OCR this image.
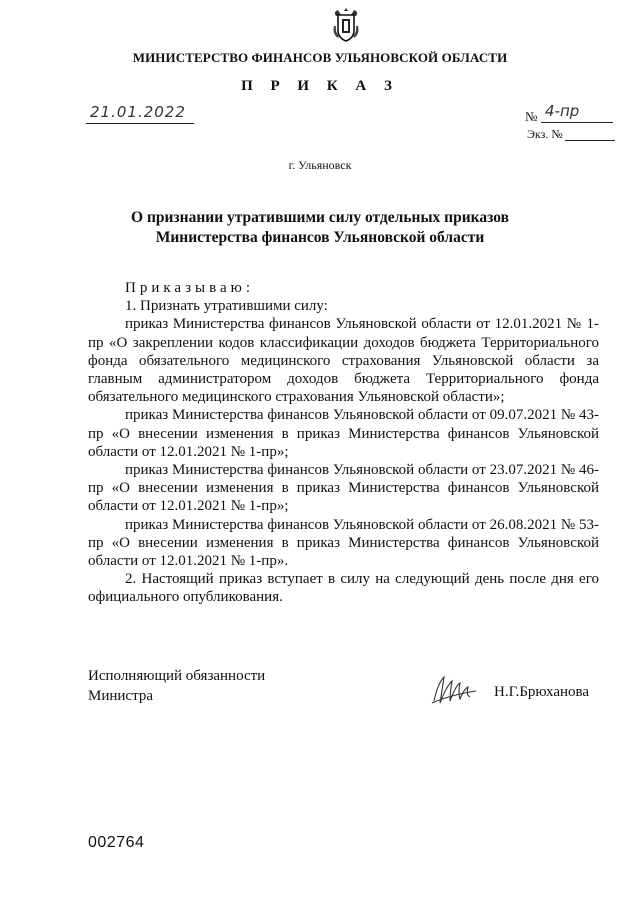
МИНИСТЕРСТВО ФИНАНСОВ УЛЬЯНОВСКОЙ ОБЛАСТИ
П Р И К А З
21.01.2022	№ 4-пр
Экз. №
г. Ульяновск
О признании утратившими силу отдельных приказов Министерства финансов Ульяновской области

Приказываю:

1. Признать утратившими силу:

приказ Министерства финансов Ульяновской области от 12.01.2021 № 1-пр «О закреплении кодов классификации доходов бюджета Территориального фонда обязательного медицинского страхования Ульяновской области за главным администратором доходов бюджета Территориального фонда обязательного медицинского страхования Ульяновской области»;

приказ Министерства финансов Ульяновской области от 09.07.2021 № 43-пр «О внесении изменения в приказ Министерства финансов Ульяновской области от 12.01.2021 № 1-пр»;

приказ Министерства финансов Ульяновской области от 23.07.2021 № 46-пр «О внесении изменения в приказ Министерства финансов Ульяновской области от 12.01.2021 № 1-пр»;

приказ Министерства финансов Ульяновской области от 26.08.2021 № 53-пр «О внесении изменения в приказ Министерства финансов Ульяновской области от 12.01.2021 № 1-пр».

2. Настоящий приказ вступает в силу на следующий день после дня его официального опубликования.

Исполняющий обязанности
Министра	Н.Г.Брюханова
002764
